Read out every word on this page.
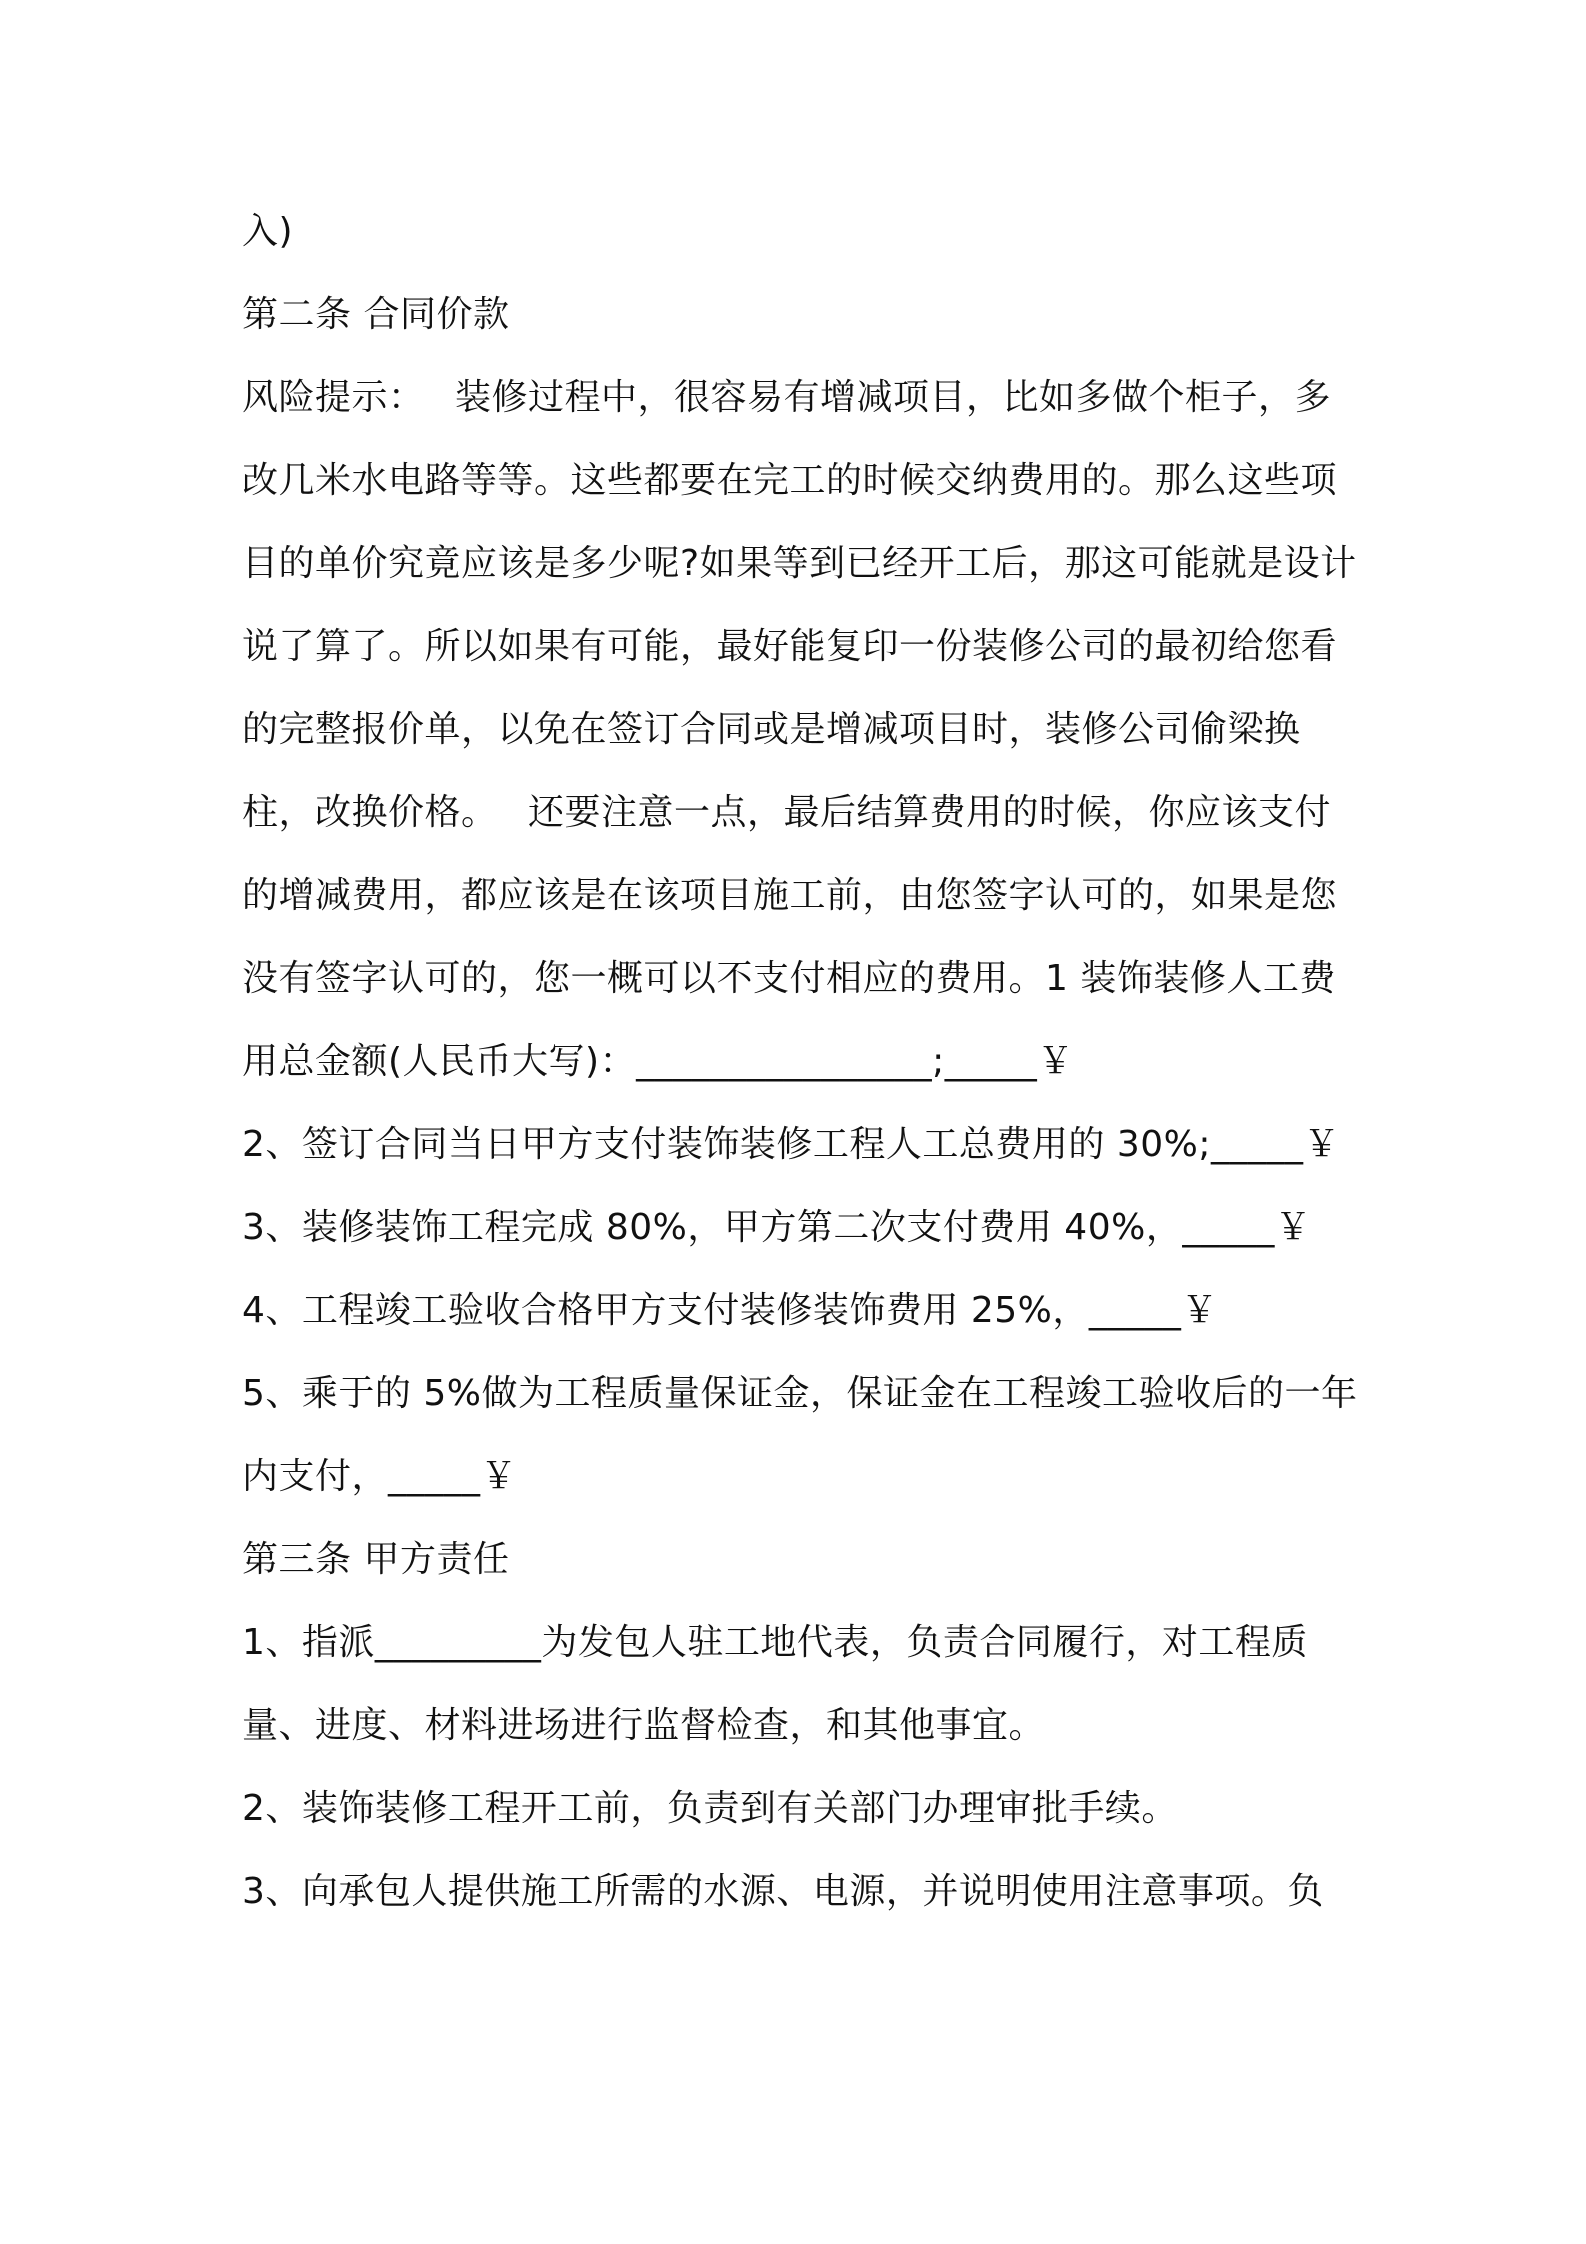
入)

第二条 合同价款

风险提示：　 装修过程中，很容易有增减项目，比如多做个柜子，多改几米水电路等等。这些都要在完工的时候交纳费用的。那么这些项目的单价究竟应该是多少呢?如果等到已经开工后，那这可能就是设计说了算了。所以如果有可能，最好能复印一份装修公司的最初给您看的完整报价单，以免在签订合同或是增减项目时，装修公司偷梁换柱，改换价格。　 还要注意一点，最后结算费用的时候，你应该支付的增减费用，都应该是在该项目施工前，由您签字认可的，如果是您没有签字认可的，您一概可以不支付相应的费用。1 装饰装修人工费用总金额(人民币大写)：________________;_____￥

2、签订合同当日甲方支付装饰装修工程人工总费用的 30%;_____￥

3、装修装饰工程完成 80%，甲方第二次支付费用 40%，_____￥

4、工程竣工验收合格甲方支付装修装饰费用 25%，_____￥

5、乘于的 5%做为工程质量保证金，保证金在工程竣工验收后的一年内支付，_____￥

第三条 甲方责任

1、指派_________为发包人驻工地代表，负责合同履行，对工程质量、进度、材料进场进行监督检查，和其他事宜。

2、装饰装修工程开工前，负责到有关部门办理审批手续。

3、向承包人提供施工所需的水源、电源，并说明使用注意事项。负
